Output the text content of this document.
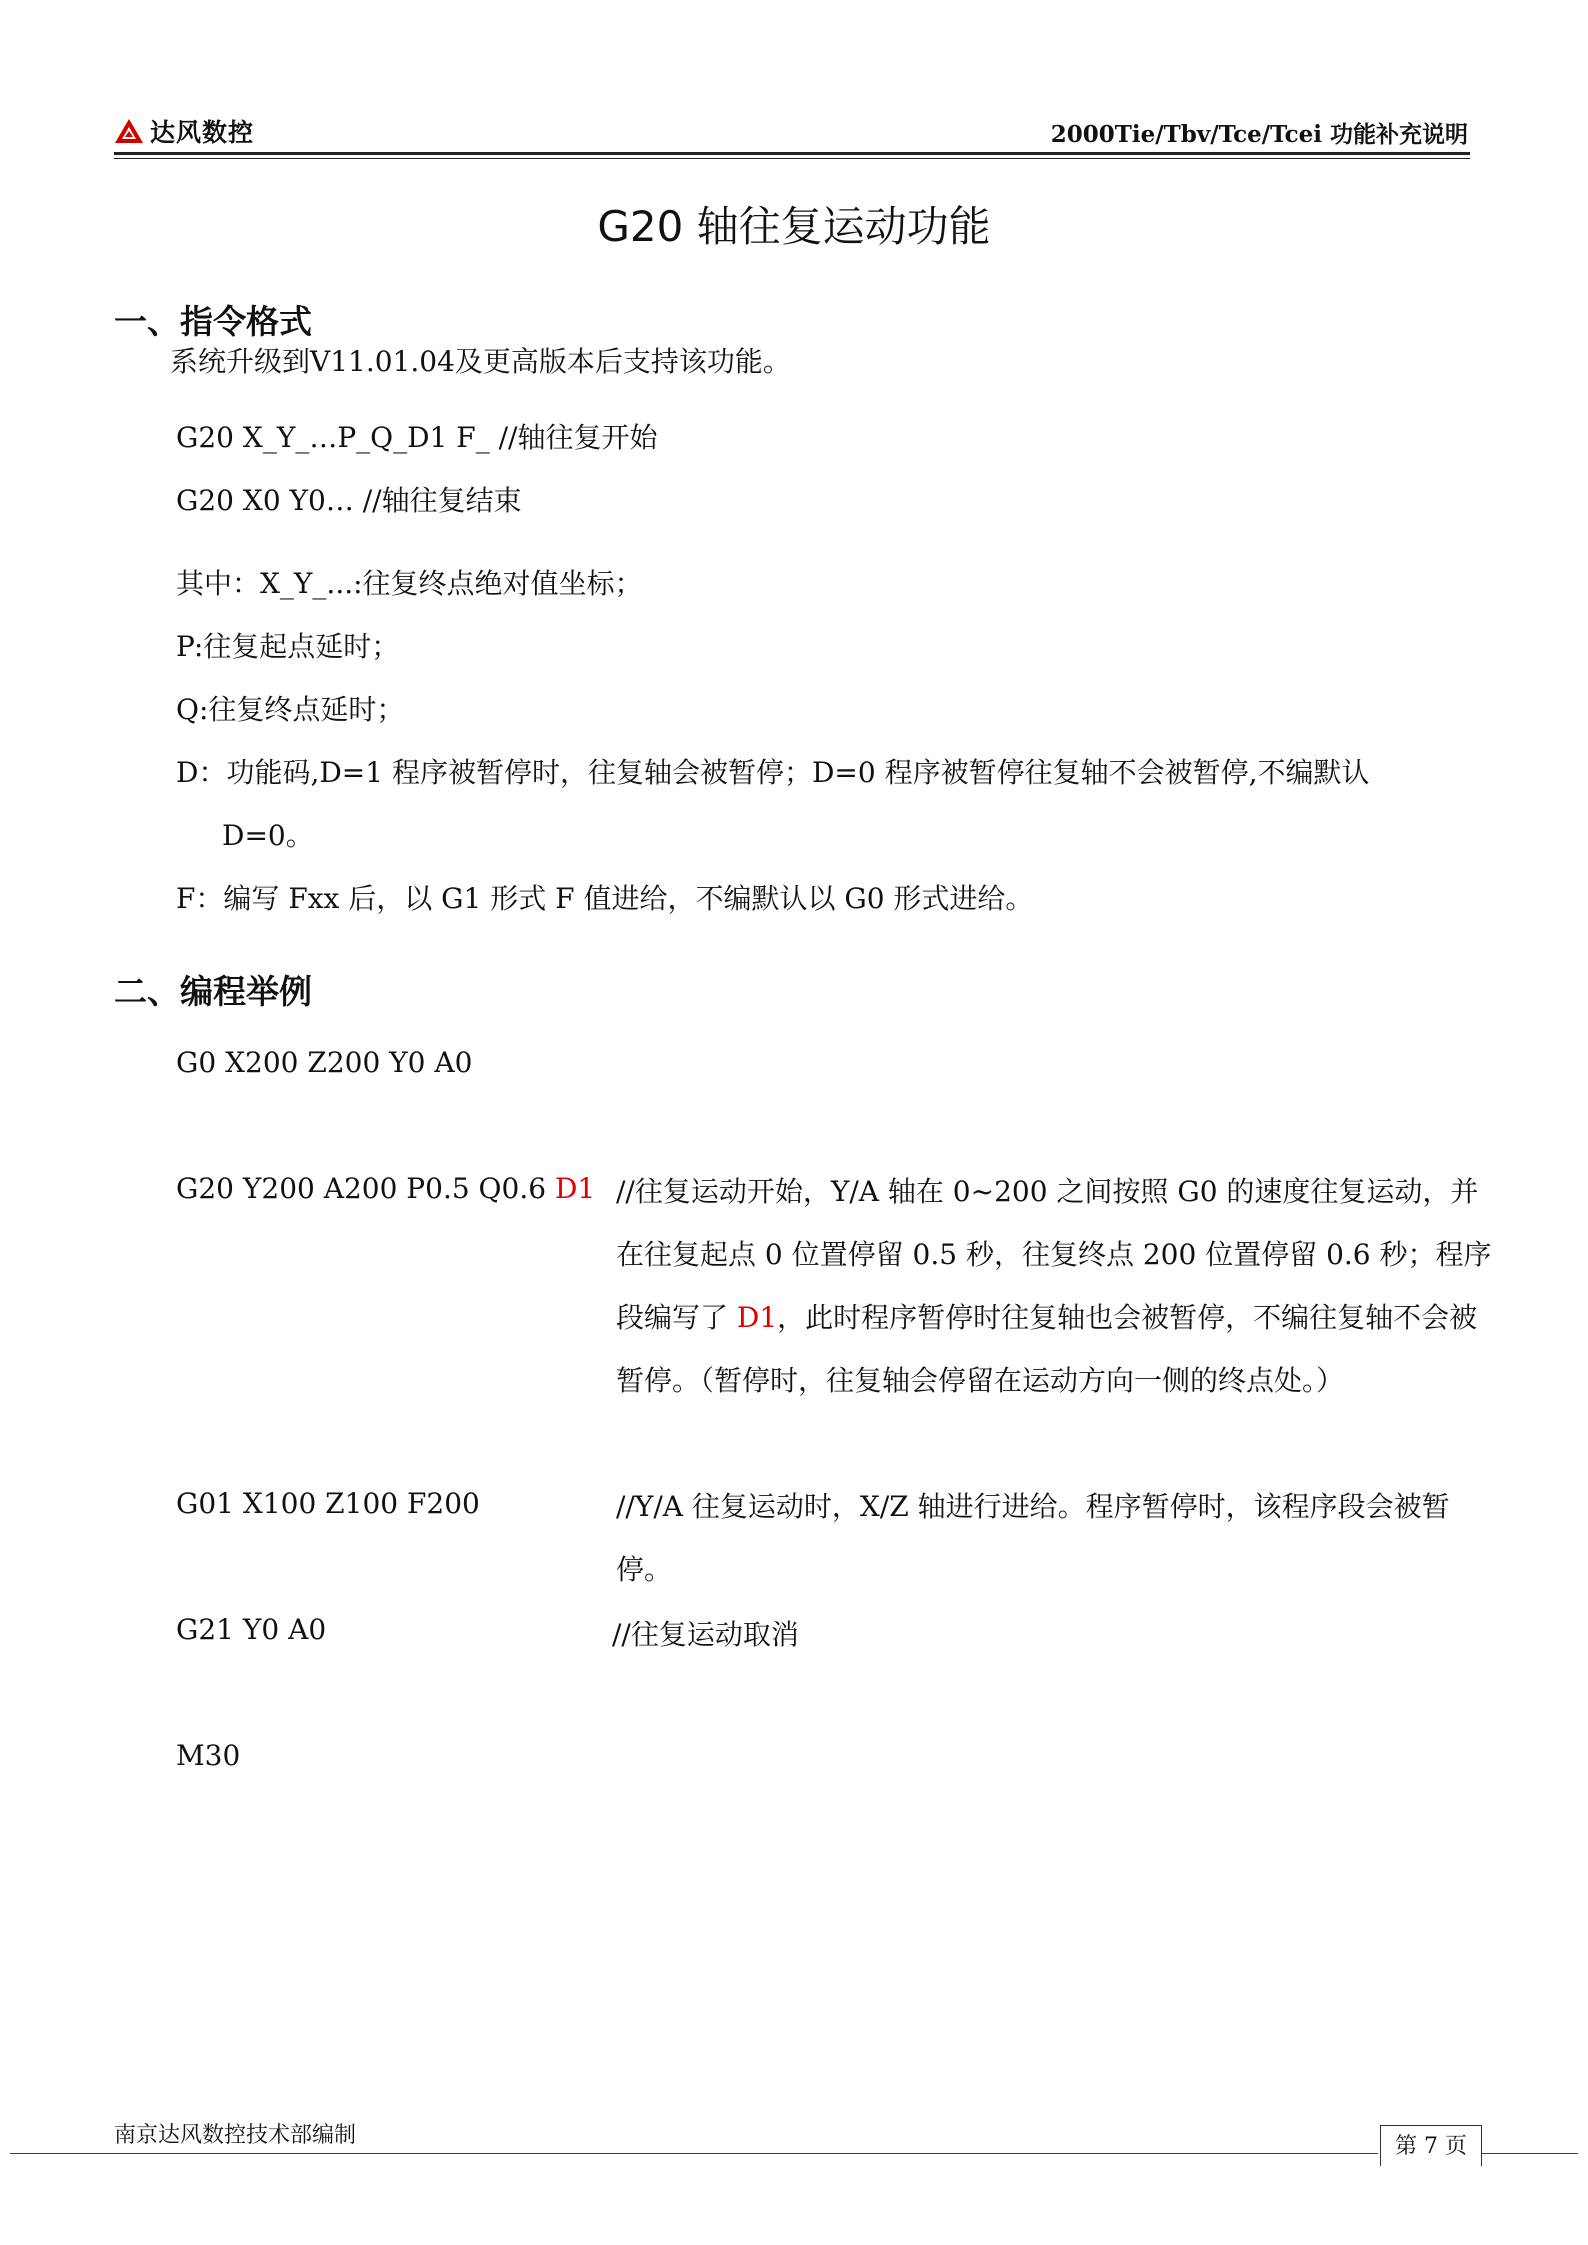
达风数控	2000Tie/Tbv/Tce/Tcei 功能补充说明
G20 轴往复运动功能
一、指令格式
系统升级到V11.01.04及更高版本后支持该功能。
G20 X_Y_…P_Q_D1 F_ //轴往复开始
G20 X0 Y0… //轴往复结束
其中：X_Y_...:往复终点绝对值坐标；
P:往复起点延时；
Q:往复终点延时；
D：功能码,D=1 程序被暂停时，往复轴会被暂停；D=0 程序被暂停往复轴不会被暂停,不编默认
D=0。
F：编写 Fxx 后，以 G1 形式 F 值进给，不编默认以 G0 形式进给。
二、编程举例
G0 X200 Z200 Y0 A0
G20 Y200 A200 P0.5 Q0.6 D1 //往复运动开始，Y/A 轴在 0~200 之间按照 G0 的速度往复运动，并在往复起点 0 位置停留 0.5 秒，往复终点 200 位置停留 0.6 秒；程序段编写了 D1，此时程序暂停时往复轴也会被暂停，不编往复轴不会被暂停。（暂停时，往复轴会停留在运动方向一侧的终点处。）
G01 X100 Z100 F200	//Y/A 往复运动时，X/Z 轴进行进给。程序暂停时，该程序段会被暂停。
G21 Y0 A0	//往复运动取消
M30
南京达风数控技术部编制	第 7 页
